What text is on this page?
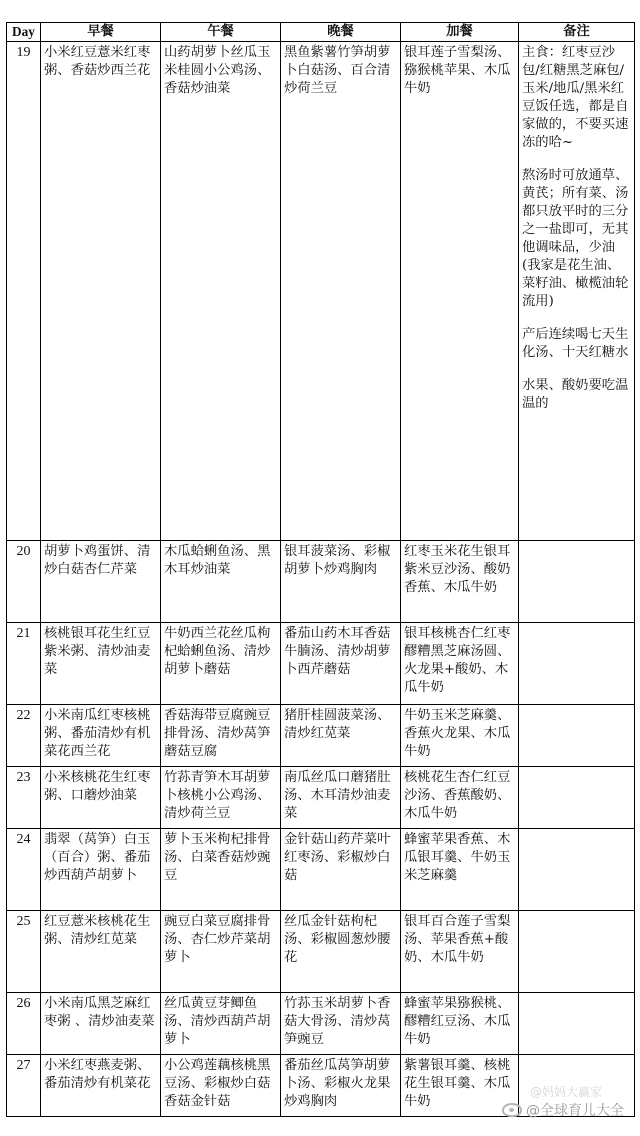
Day	早餐	午餐	晚餐	加餐	备注
19	小米红豆薏米红枣粥、香菇炒西兰花	山药胡萝卜丝瓜玉米桂圆小公鸡汤、香菇炒油菜	黑鱼紫薯竹笋胡萝卜白菇汤、百合清炒荷兰豆	银耳莲子雪梨汤、猕猴桃苹果、木瓜牛奶	主食：红枣豆沙包/红糖黑芝麻包/玉米/地瓜/黑米红豆饭任选，都是自家做的，不要买速冻的哈~

熬汤时可放通草、黄芪；所有菜、汤都只放平时的三分之一盐即可，无其他调味品，少油(我家是花生油、菜籽油、橄榄油轮流用)

产后连续喝七天生化汤、十天红糖水

水果、酸奶要吃温温的

20	胡萝卜鸡蛋饼、清炒白菇杏仁芹菜	木瓜蛤蜊鱼汤、黑木耳炒油菜	银耳菠菜汤、彩椒胡萝卜炒鸡胸肉	红枣玉米花生银耳紫米豆沙汤、酸奶香蕉、木瓜牛奶	
21	核桃银耳花生红豆紫米粥、清炒油麦菜	牛奶西兰花丝瓜枸杞蛤蜊鱼汤、清炒胡萝卜蘑菇	番茄山药木耳香菇牛腩汤、清炒胡萝卜西芹蘑菇	银耳核桃杏仁红枣醪糟黑芝麻汤圆、火龙果+酸奶、木瓜牛奶	
22	小米南瓜红枣核桃粥、番茄清炒有机菜花西兰花	香菇海带豆腐豌豆排骨汤、清炒莴笋蘑菇豆腐	猪肝桂圆菠菜汤、清炒红苋菜	牛奶玉米芝麻羹、香蕉火龙果、木瓜牛奶	
23	小米核桃花生红枣粥、口蘑炒油菜	竹荪青笋木耳胡萝卜核桃小公鸡汤、清炒荷兰豆	南瓜丝瓜口蘑猪肚汤、木耳清炒油麦菜	核桃花生杏仁红豆沙汤、香蕉酸奶、木瓜牛奶	
24	翡翠（莴笋）白玉（百合）粥、番茄炒西葫芦胡萝卜	萝卜玉米枸杞排骨汤、白菜香菇炒豌豆	金针菇山药芹菜叶红枣汤、彩椒炒白菇	蜂蜜苹果香蕉、木瓜银耳羹、牛奶玉米芝麻羹	
25	红豆薏米核桃花生粥、清炒红苋菜	豌豆白菜豆腐排骨汤、杏仁炒芹菜胡萝卜	丝瓜金针菇枸杞汤、彩椒圆葱炒腰花	银耳百合莲子雪梨汤、苹果香蕉+酸奶、木瓜牛奶	
26	小米南瓜黑芝麻红枣粥 、清炒油麦菜	丝瓜黄豆芽鲫鱼汤、清炒西葫芦胡萝卜	竹荪玉米胡萝卜香菇大骨汤、清炒莴笋豌豆	蜂蜜苹果猕猴桃、醪糟红豆汤、木瓜牛奶	
27	小米红枣燕麦粥、番茄清炒有机菜花	小公鸡莲藕核桃黑豆汤、彩椒炒白菇香菇金针菇	番茄丝瓜莴笋胡萝卜汤、彩椒火龙果炒鸡胸肉	紫薯银耳羹、核桃花生银耳羹、木瓜牛奶	
@妈妈大赢家
@全球育儿大全
